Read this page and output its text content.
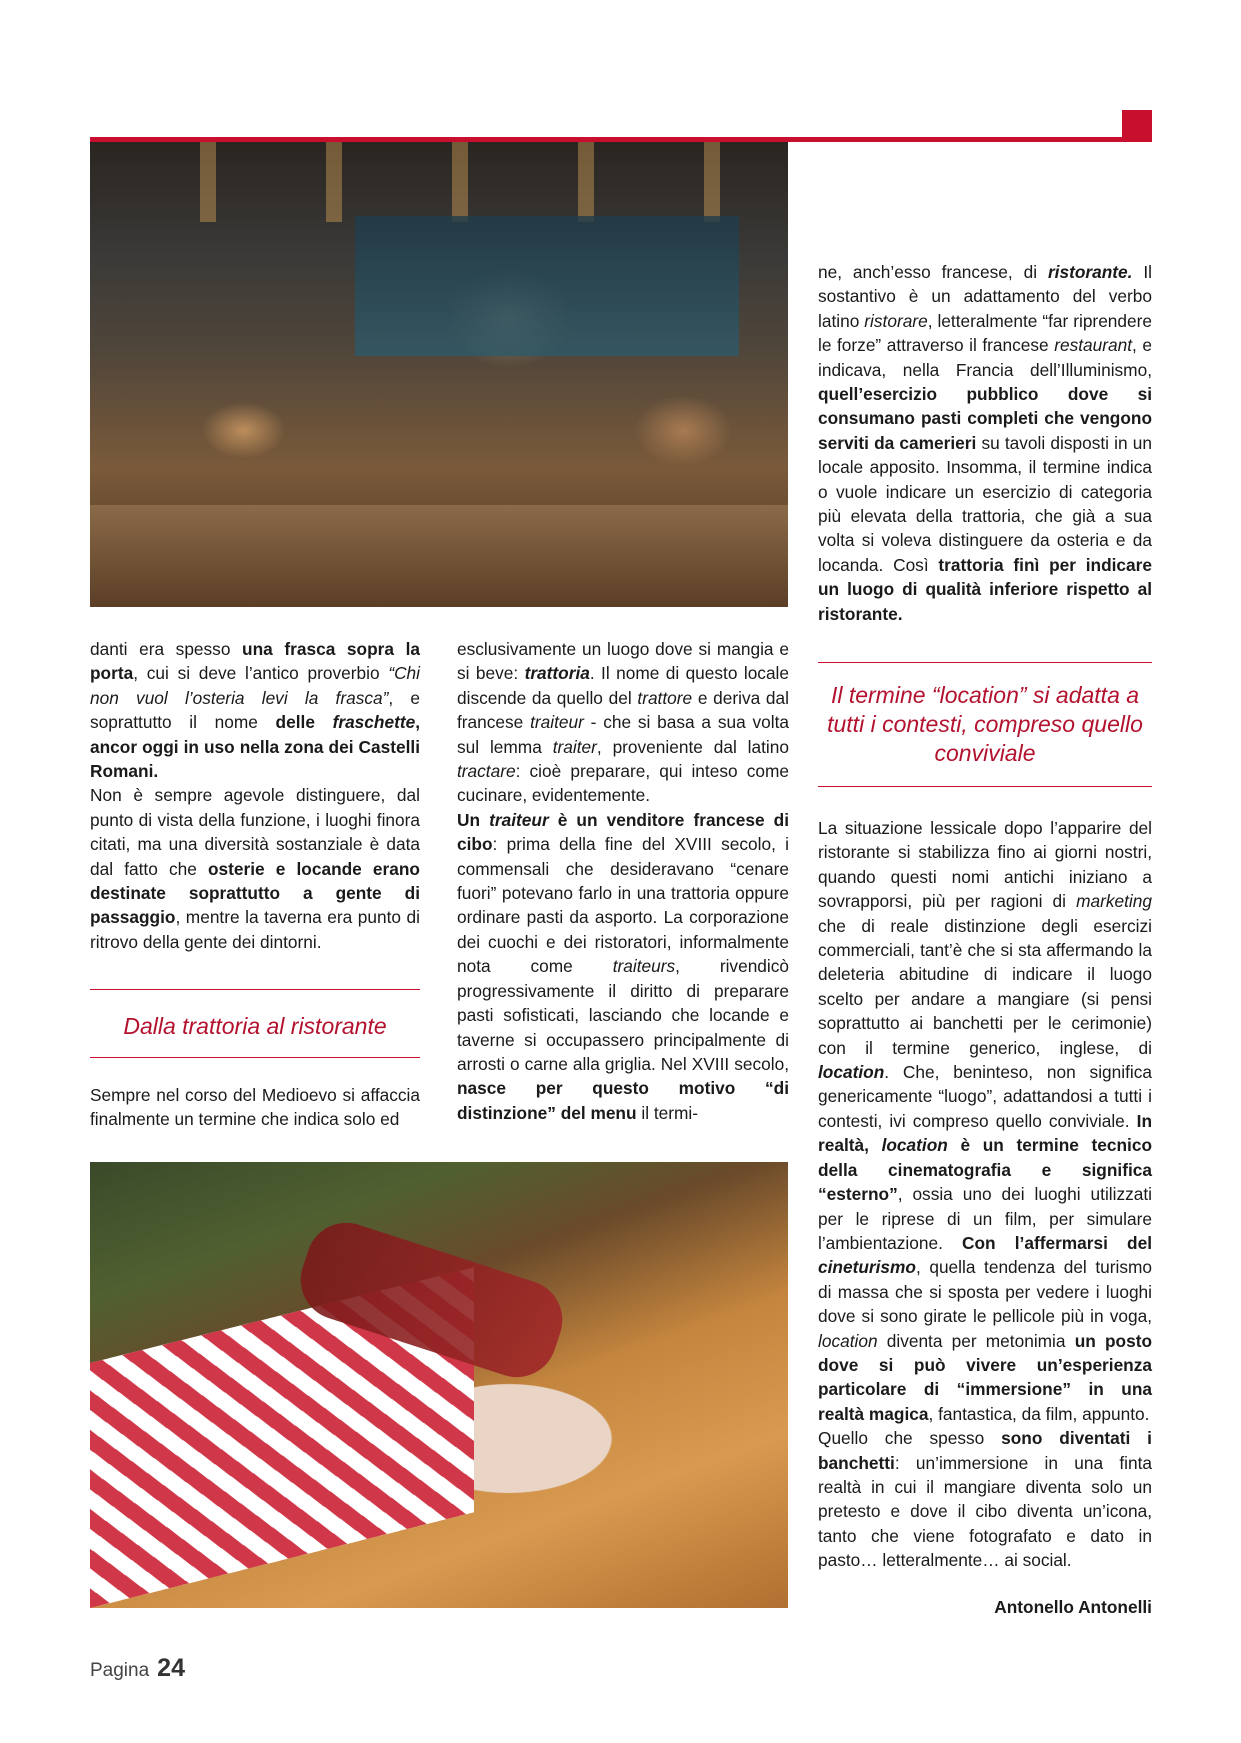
danti era spesso una frasca sopra la porta, cui si deve l’antico proverbio “Chi non vuol l’osteria levi la frasca”, e soprattutto il nome delle fraschette, ancor oggi in uso nella zona dei Castelli Romani.

Non è sempre agevole distinguere, dal punto di vista della funzione, i luoghi finora citati, ma una diversità sostanziale è data dal fatto che osterie e locande erano destinate soprattutto a gente di passaggio, mentre la taverna era punto di ritrovo della gente dei dintorni.

Dalla trattoria al ristorante

Sempre nel corso del Medioevo si affaccia finalmente un termine che indica solo ed

esclusivamente un luogo dove si mangia e si beve: trattoria. Il nome di questo locale discende da quello del trattore e deriva dal francese traiteur - che si basa a sua volta sul lemma traiter, proveniente dal latino tractare: cioè preparare, qui inteso come cucinare, evidentemente.

Un traiteur è un venditore francese di cibo: prima della fine del XVIII secolo, i commensali che desideravano “cenare fuori” potevano farlo in una trattoria oppure ordinare pasti da asporto. La corporazione dei cuochi e dei ristoratori, informalmente nota come traiteurs, rivendicò progressivamente il diritto di preparare pasti sofisticati, lasciando che locande e taverne si occupassero principalmente di arrosti o carne alla griglia. Nel XVIII secolo, nasce per questo motivo “di distinzione” del menu il termi-

ne, anch’esso francese, di ristorante. Il sostantivo è un adattamento del verbo latino ristorare, letteralmente “far riprendere le forze” attraverso il francese restaurant, e indicava, nella Francia dell’Illuminismo, quell’esercizio pubblico dove si consumano pasti completi che vengono serviti da camerieri su tavoli disposti in un locale apposito. Insomma, il termine indica o vuole indicare un esercizio di categoria più elevata della trattoria, che già a sua volta si voleva distinguere da osteria e da locanda. Così trattoria finì per indicare un luogo di qualità inferiore rispetto al ristorante.

Il termine “location” si adatta a tutti i contesti, compreso quello conviviale

La situazione lessicale dopo l’apparire del ristorante si stabilizza fino ai giorni nostri, quando questi nomi antichi iniziano a sovrapporsi, più per ragioni di marketing che di reale distinzione degli esercizi commerciali, tant’è che si sta affermando la deleteria abitudine di indicare il luogo scelto per andare a mangiare (si pensi soprattutto ai banchetti per le cerimonie) con il termine generico, inglese, di location. Che, beninteso, non significa genericamente “luogo”, adattandosi a tutti i contesti, ivi compreso quello conviviale. In realtà, location è un termine tecnico della cinematografia e significa “esterno”, ossia uno dei luoghi utilizzati per le riprese di un film, per simulare l’ambientazione. Con l’affermarsi del cineturismo, quella tendenza del turismo di massa che si sposta per vedere i luoghi dove si sono girate le pellicole più in voga, location diventa per metonimia un posto dove si può vivere un’esperienza particolare di “immersione” in una realtà magica, fantastica, da film, appunto.

Quello che spesso sono diventati i banchetti: un’immersione in una finta realtà in cui il mangiare diventa solo un pretesto e dove il cibo diventa un’icona, tanto che viene fotografato e dato in pasto… letteralmente… ai social.

Antonello Antonelli
Pagina 24
